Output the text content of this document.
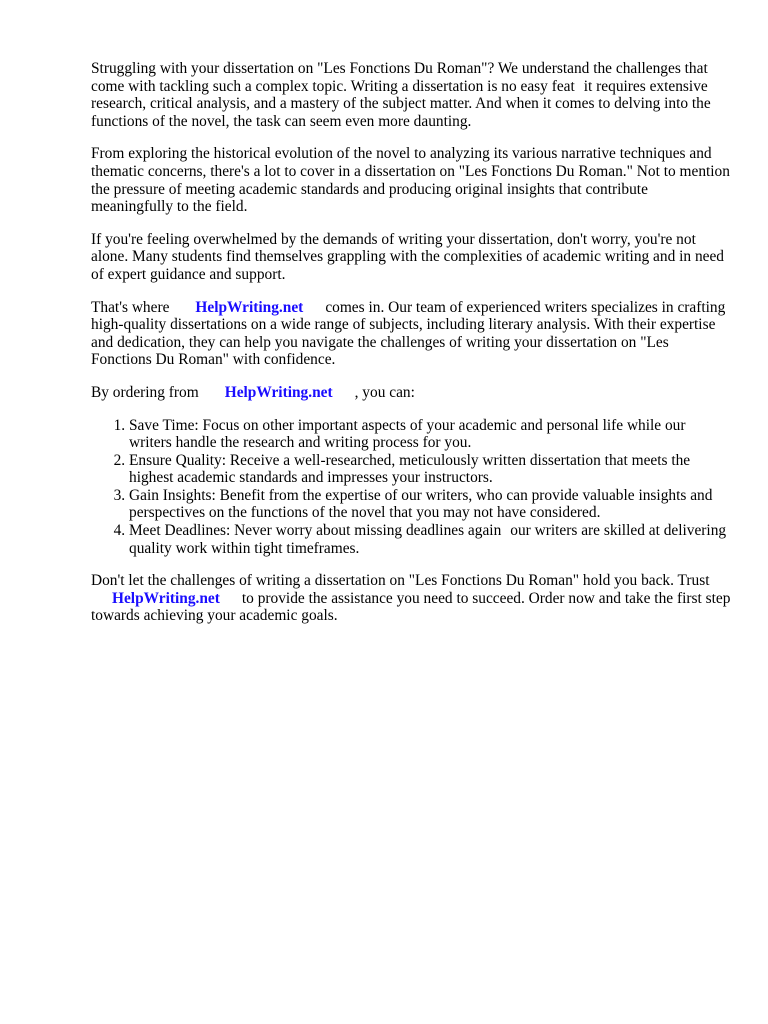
Struggling with your dissertation on "Les Fonctions Du Roman"? We understand the challenges that come with tackling such a complex topic. Writing a dissertation is no easy feat it requires extensive research, critical analysis, and a mastery of the subject matter. And when it comes to delving into the functions of the novel, the task can seem even more daunting.

From exploring the historical evolution of the novel to analyzing its various narrative techniques and thematic concerns, there's a lot to cover in a dissertation on "Les Fonctions Du Roman." Not to mention the pressure of meeting academic standards and producing original insights that contribute meaningfully to the field.

If you're feeling overwhelmed by the demands of writing your dissertation, don't worry, you're not alone. Many students find themselves grappling with the complexities of academic writing and in need of expert guidance and support.

That's where HelpWriting.net comes in. Our team of experienced writers specializes in crafting high-quality dissertations on a wide range of subjects, including literary analysis. With their expertise and dedication, they can help you navigate the challenges of writing your dissertation on "Les Fonctions Du Roman" with confidence.

By ordering from HelpWriting.net , you can:

1. Save Time: Focus on other important aspects of your academic and personal life while our writers handle the research and writing process for you.
2. Ensure Quality: Receive a well-researched, meticulously written dissertation that meets the highest academic standards and impresses your instructors.
3. Gain Insights: Benefit from the expertise of our writers, who can provide valuable insights and perspectives on the functions of the novel that you may not have considered.
4. Meet Deadlines: Never worry about missing deadlines again our writers are skilled at delivering quality work within tight timeframes.

Don't let the challenges of writing a dissertation on "Les Fonctions Du Roman" hold you back. Trust
HelpWriting.net to provide the assistance you need to succeed. Order now and take the first step towards achieving your academic goals.
